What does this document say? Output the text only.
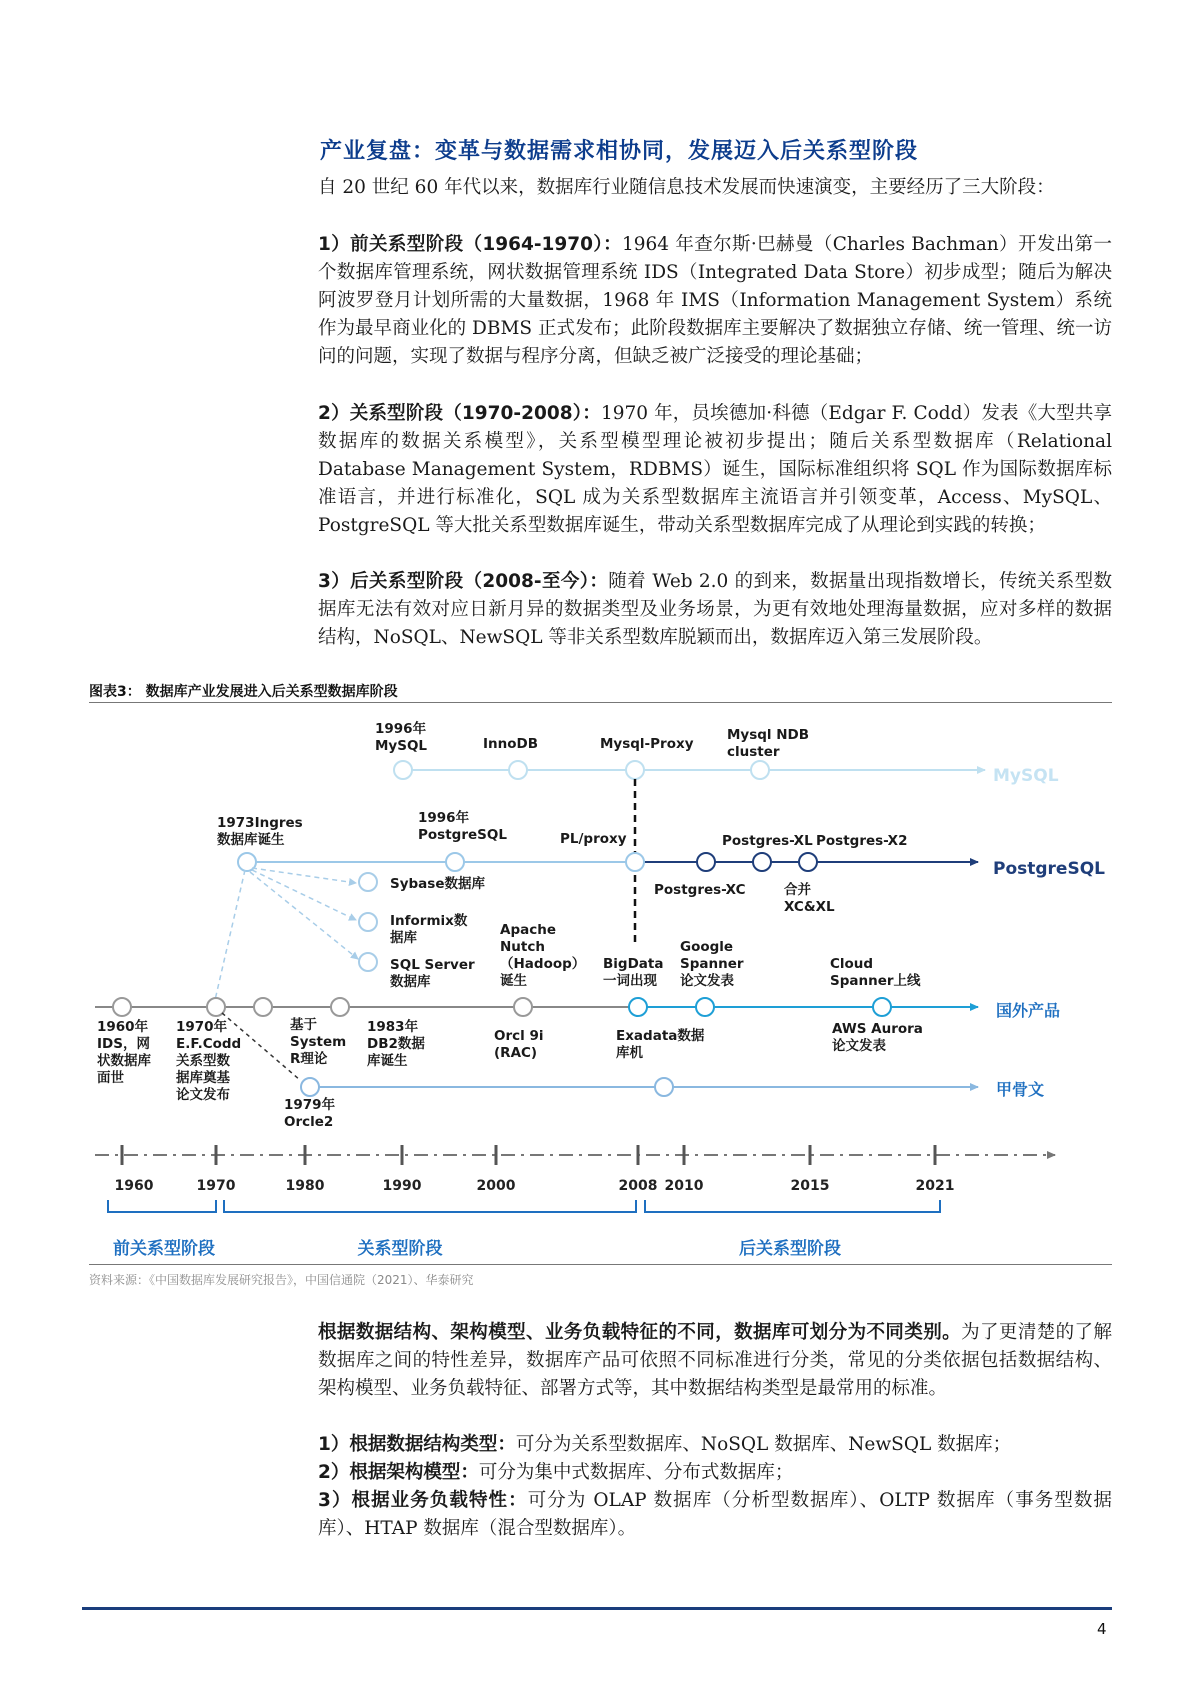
产业复盘：变革与数据需求相协同，发展迈入后关系型阶段
自 20 世纪 60 年代以来，数据库行业随信息技术发展而快速演变，主要经历了三大阶段：
1）前关系型阶段（1964-1970）：1964 年查尔斯·巴赫曼（Charles Bachman）开发出第一个数据库管理系统，网状数据管理系统 IDS（Integrated Data Store）初步成型；随后为解决阿波罗登月计划所需的大量数据，1968 年 IMS（Information Management System）系统作为最早商业化的 DBMS 正式发布；此阶段数据库主要解决了数据独立存储、统一管理、统一访问的问题，实现了数据与程序分离，但缺乏被广泛接受的理论基础；
2）关系型阶段（1970-2008）：1970 年，员埃德加·科德（Edgar F. Codd）发表《大型共享数据库的数据关系模型》，关系型模型理论被初步提出；随后关系型数据库（Relational Database Management System，RDBMS）诞生，国际标准组织将 SQL 作为国际数据库标准语言，并进行标准化，SQL 成为关系型数据库主流语言并引领变革，Access、MySQL、PostgreSQL 等大批关系型数据库诞生，带动关系型数据库完成了从理论到实践的转换；
3）后关系型阶段（2008-至今）：随着 Web 2.0 的到来，数据量出现指数增长，传统关系型数据库无法有效对应日新月异的数据类型及业务场景，为更有效地处理海量数据，应对多样的数据结构，NoSQL、NewSQL 等非关系型数库脱颖而出，数据库迈入第三发展阶段。
图表3： 数据库产业发展进入后关系型数据库阶段
MySQL
PostgreSQL
国外产品
甲骨文
1960	1970	1980	1990	2000	2008 2010	2015	2021
前关系型阶段	关系型阶段	后关系型阶段
1996年 MySQL	InnoDB	Mysql-Proxy
Mysql NDB cluster
1973Ingres 数据库诞生
1996年 PostgreSQL	PL/proxy	Postgres-XL Postgres-X2
Postgres-XC	合并 XC&XL
Sybase数据库
Informix数据库
SQL Server 数据库
Apache Nutch （Hadoop）诞生
BigData 一词出现
Google Spanner 论文发表
Cloud Spanner上线
1960年 IDS，网状数据库面世
1970年 E.F.Codd 关系型数据库奠基论文发布
基于 System R理论
1983年 DB2数据库诞生
Orcl 9i (RAC)
Exadata数据库机
AWS Aurora 论文发表
1979年 Orcle2
资料来源：《中国数据库发展研究报告》，中国信通院（2021）、华泰研究
根据数据结构、架构模型、业务负载特征的不同，数据库可划分为不同类别。为了更清楚的了解数据库之间的特性差异，数据库产品可依照不同标准进行分类，常见的分类依据包括数据结构、架构模型、业务负载特征、部署方式等，其中数据结构类型是最常用的标准。
1）根据数据结构类型：可分为关系型数据库、NoSQL 数据库、NewSQL 数据库；
2）根据架构模型：可分为集中式数据库、分布式数据库；
3）根据业务负载特性：可分为 OLAP 数据库（分析型数据库）、OLTP 数据库（事务型数据库）、HTAP 数据库（混合型数据库）。
4
